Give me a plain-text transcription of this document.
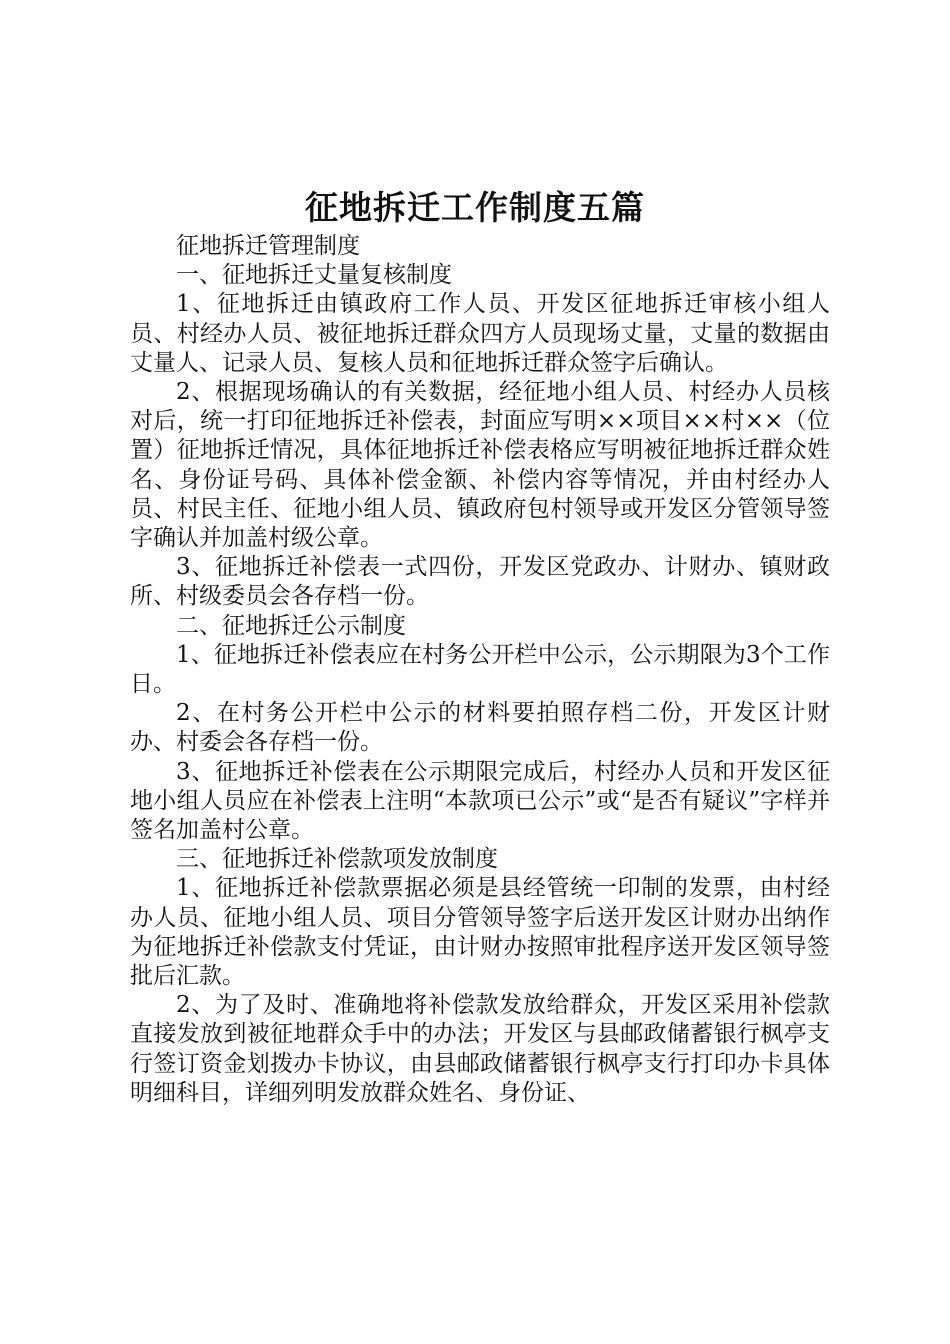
征地拆迁工作制度五篇

征地拆迁管理制度

一、征地拆迁丈量复核制度

1、征地拆迁由镇政府工作人员、开发区征地拆迁审核小组人员、村经办人员、被征地拆迁群众四方人员现场丈量，丈量的数据由丈量人、记录人员、复核人员和征地拆迁群众签字后确认。

2、根据现场确认的有关数据，经征地小组人员、村经办人员核对后，统一打印征地拆迁补偿表，封面应写明××项目××村××（位置）征地拆迁情况，具体征地拆迁补偿表格应写明被征地拆迁群众姓名、身份证号码、具体补偿金额、补偿内容等情况，并由村经办人员、村民主任、征地小组人员、镇政府包村领导或开发区分管领导签字确认并加盖村级公章。

3、征地拆迁补偿表一式四份，开发区党政办、计财办、镇财政所、村级委员会各存档一份。

二、征地拆迁公示制度

1、征地拆迁补偿表应在村务公开栏中公示，公示期限为3个工作日。

2、在村务公开栏中公示的材料要拍照存档二份，开发区计财办、村委会各存档一份。

3、征地拆迁补偿表在公示期限完成后，村经办人员和开发区征地小组人员应在补偿表上注明“本款项已公示”或“是否有疑议”字样并签名加盖村公章。

三、征地拆迁补偿款项发放制度

1、征地拆迁补偿款票据必须是县经管统一印制的发票，由村经办人员、征地小组人员、项目分管领导签字后送开发区计财办出纳作为征地拆迁补偿款支付凭证，由计财办按照审批程序送开发区领导签批后汇款。

2、为了及时、准确地将补偿款发放给群众，开发区采用补偿款直接发放到被征地群众手中的办法；开发区与县邮政储蓄银行枫亭支行签订资金划拨办卡协议，由县邮政储蓄银行枫亭支行打印办卡具体明细科目，详细列明发放群众姓名、身份证、
